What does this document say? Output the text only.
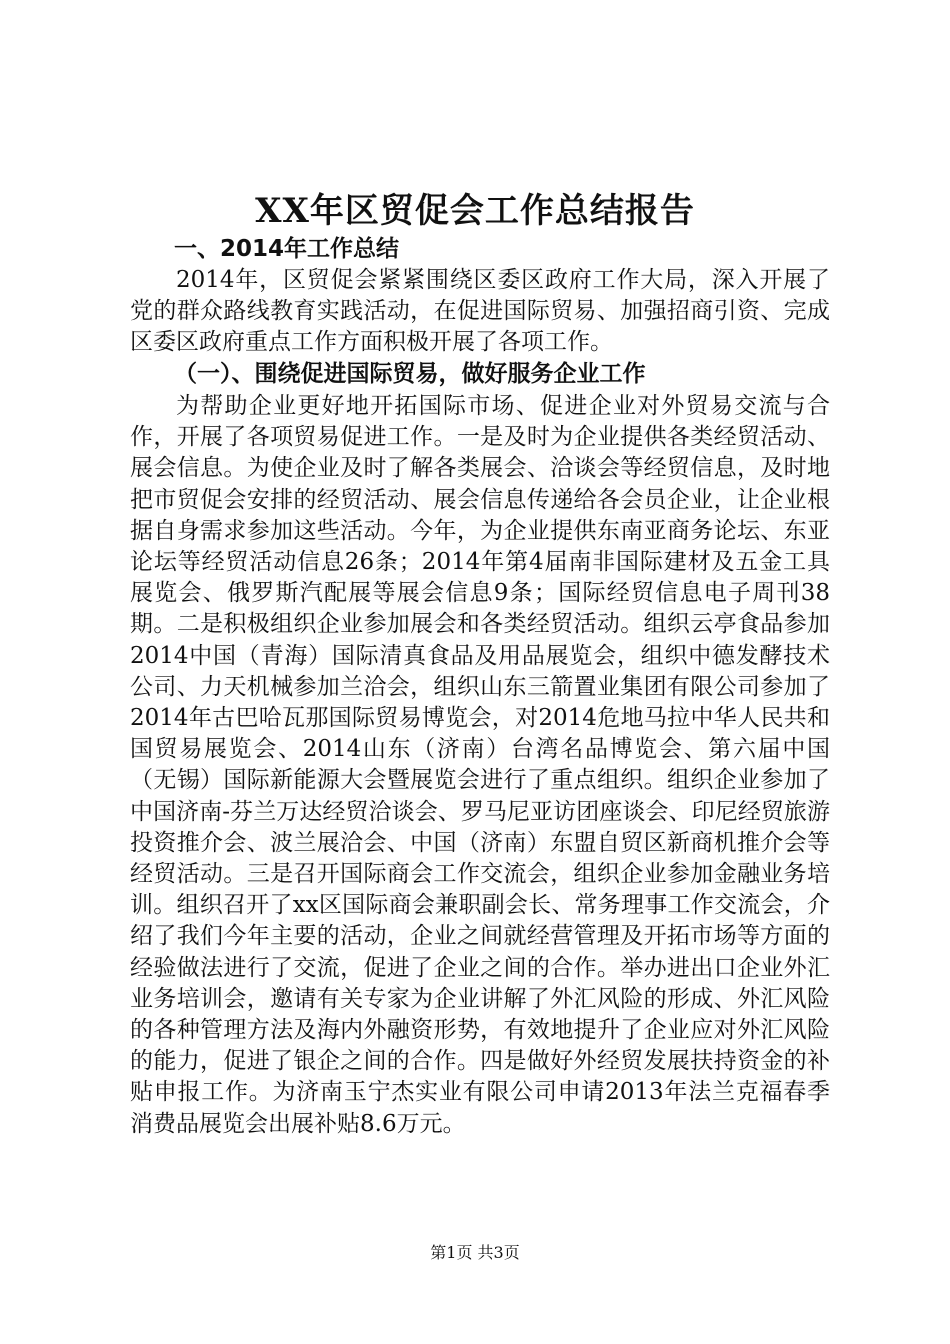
XX年区贸促会工作总结报告
一、2014年工作总结
2014年，区贸促会紧紧围绕区委区政府工作大局，深入开展了党的群众路线教育实践活动，在促进国际贸易、加强招商引资、完成区委区政府重点工作方面积极开展了各项工作。
（一）、围绕促进国际贸易，做好服务企业工作
为帮助企业更好地开拓国际市场、促进企业对外贸易交流与合作，开展了各项贸易促进工作。一是及时为企业提供各类经贸活动、展会信息。为使企业及时了解各类展会、洽谈会等经贸信息，及时地把市贸促会安排的经贸活动、展会信息传递给各会员企业，让企业根据自身需求参加这些活动。今年，为企业提供东南亚商务论坛、东亚论坛等经贸活动信息26条；2014年第4届南非国际建材及五金工具展览会、俄罗斯汽配展等展会信息9条；国际经贸信息电子周刊38期。二是积极组织企业参加展会和各类经贸活动。组织云亭食品参加2014中国（青海）国际清真食品及用品展览会，组织中德发酵技术公司、力天机械参加兰洽会，组织山东三箭置业集团有限公司参加了2014年古巴哈瓦那国际贸易博览会，对2014危地马拉中华人民共和国贸易展览会、2014山东（济南）台湾名品博览会、第六届中国（无锡）国际新能源大会暨展览会进行了重点组织。组织企业参加了中国济南-芬兰万达经贸洽谈会、罗马尼亚访团座谈会、印尼经贸旅游投资推介会、波兰展洽会、中国（济南）东盟自贸区新商机推介会等经贸活动。三是召开国际商会工作交流会，组织企业参加金融业务培训。组织召开了xx区国际商会兼职副会长、常务理事工作交流会，介绍了我们今年主要的活动，企业之间就经营管理及开拓市场等方面的经验做法进行了交流，促进了企业之间的合作。举办进出口企业外汇业务培训会，邀请有关专家为企业讲解了外汇风险的形成、外汇风险的各种管理方法及海内外融资形势，有效地提升了企业应对外汇风险的能力，促进了银企之间的合作。四是做好外经贸发展扶持资金的补贴申报工作。为济南玉宁杰实业有限公司申请2013年法兰克福春季消费品展览会出展补贴8.6万元。
第1页 共3页
